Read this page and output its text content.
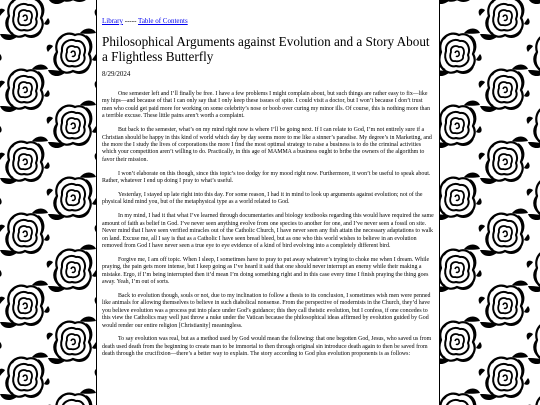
Library ----- Table of Contents
Philosophical Arguments against Evolution and a Story About a Flightless Butterfly
8/29/2024

One semester left and I’ll finally be free. I have a few problems I might complain about, but such things are rather easy to fix—like my hips—and because of that I can only say that I only keep these issues of spite. I could visit a doctor, but I won’t because I don’t trust men who could get paid more for working on some celebrity’s nose or boob over curing my minor ills. Of course, this is nothing more than a terrible excuse. These little pains aren’t worth a complaint.

But back to the semester, what’s on my mind right now is where I’ll be going next. If I can relate to God, I’m not entirely sure if a Christian should be happy in this kind of world which day by day seems more to me like a sinner’s paradise. My degree’s in Marketing, and the more the I study the lives of corporations the more I find the most optimal strategy to raise a business is to do the criminal activities which your competition aren’t willing to do. Practically, in this age of MAMMA a business ought to bribe the owners of the algorithm to favor their mission.

I won’t elaborate on this though, since this topic’s too dodgy for my mood right now. Furthermore, it won’t be useful to speak about. Rather, whatever I end up doing I pray to what’s useful.

Yesterday, I stayed up late right into this day. For some reason, I had it in mind to look up arguments against evolution; not of the physical kind mind you, but of the metaphysical type as a world related to God.

In my mind, I had it that what I’ve learned through documentaries and biology textbooks regarding this would have required the same amount of faith as belief in God. I’ve never seen anything evolve from one species to another for one, and I’ve never seen a fossil on site. Never mind that I have seen verified miracles out of the Catholic Church, I have never seen any fish attain the necessary adaptations to walk on land. Excuse me, all I say is that as a Catholic I have seen bread bleed, but as one who this world wishes to believe in an evolution removed from God I have never seen a true eye to eye evidence of a kind of bird evolving into a completely different bird.

Forgive me, I am off topic. When I sleep, I sometimes have to pray to put away whatever’s trying to choke me when I dream. While praying, the pain gets more intense, but I keep going as I’ve heard it said that one should never interrupt an enemy while their making a mistake. Ergo, if I’m being interrupted then it’d mean I’m doing something right and in this case every time I finish praying the thing goes away. Yeah, I’m out of sorts.

Back to evolution though, souls or not, due to my inclination to follow a thesis to its conclusion, I sometimes wish men were penned like animals for allowing themselves to believe in such diabolical nonsense. From the perspective of modernists in the Church, they’d have you believe evolution was a process put into place under God’s guidance; this they call theistic evolution, but I confess, if one concedes to this view the Catholics may well just throw a nuke under the Vatican because the philosophical ideas affirmed by evolution guided by God would render our entire religion [Christianity] meaningless.

To say evolution was real, but as a method used by God would mean the following: that one begotten God, Jesus, who saved us from death used death from the beginning to create man to be immortal to then through original sin introduce death again to then be saved from death through the crucifixion—there’s a better way to explain. The story according to God plus evolution proponents is as follows:
